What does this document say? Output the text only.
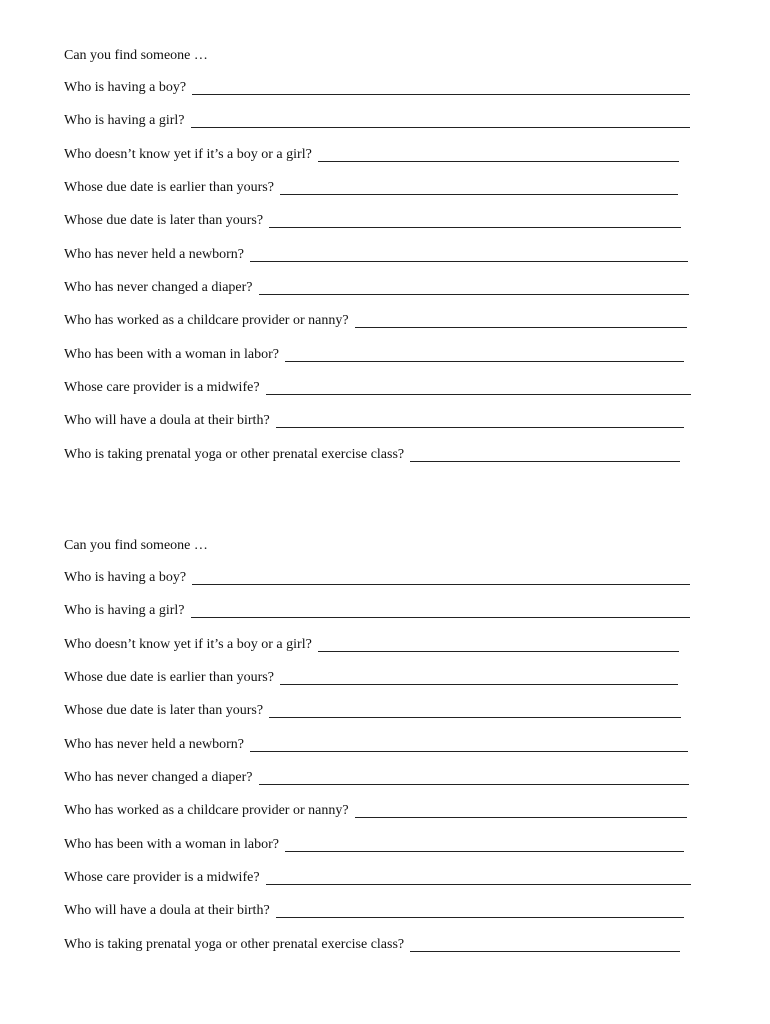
Can you find someone …

Who is having a boy?
Who is having a girl?
Who doesn’t know yet if it’s a boy or a girl?
Whose due date is earlier than yours?
Whose due date is later than yours?
Who has never held a newborn?
Who has never changed a diaper?
Who has worked as a childcare provider or nanny?
Who has been with a woman in labor?
Whose care provider is a midwife?
Who will have a doula at their birth?
Who is taking prenatal yoga or other prenatal exercise class?

Can you find someone …

Who is having a boy?
Who is having a girl?
Who doesn’t know yet if it’s a boy or a girl?
Whose due date is earlier than yours?
Whose due date is later than yours?
Who has never held a newborn?
Who has never changed a diaper?
Who has worked as a childcare provider or nanny?
Who has been with a woman in labor?
Whose care provider is a midwife?
Who will have a doula at their birth?
Who is taking prenatal yoga or other prenatal exercise class?
